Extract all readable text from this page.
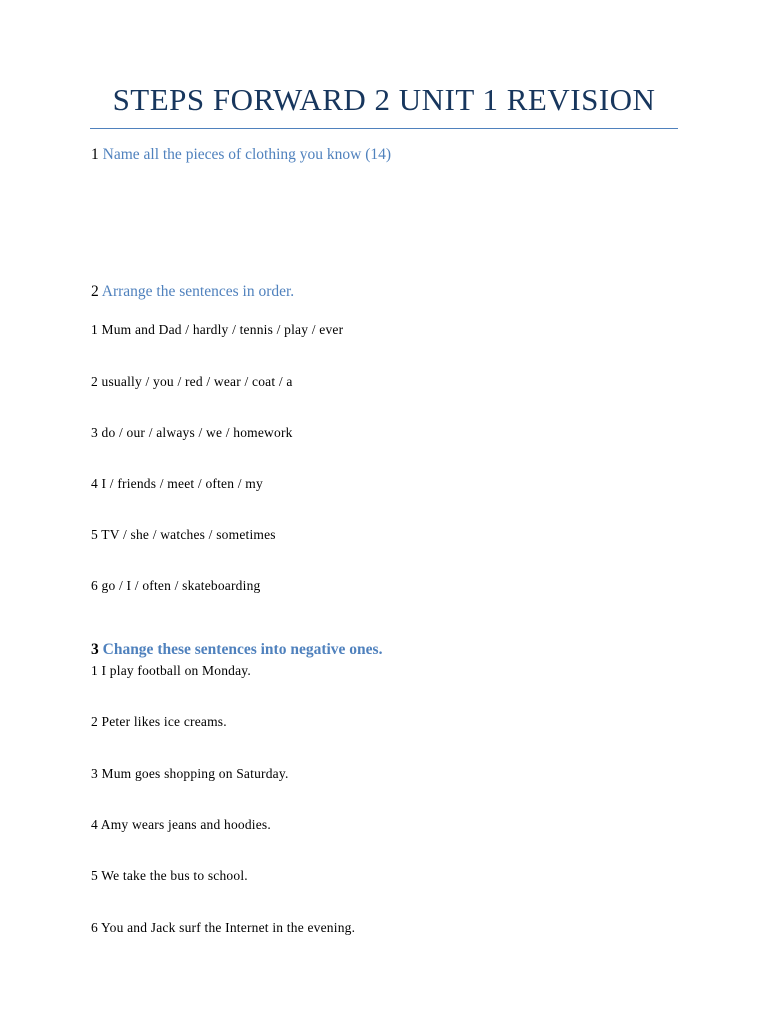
STEPS FORWARD 2 UNIT 1 REVISION
1 Name all the pieces of clothing you know (14)
2 Arrange the sentences in order.
1 Mum and Dad / hardly / tennis / play / ever
2 usually / you / red / wear / coat / a
3 do / our / always / we / homework
4 I / friends / meet / often / my
5 TV / she / watches / sometimes
6 go / I / often / skateboarding
3 Change these sentences into negative ones.
1 I play football on Monday.
2 Peter likes ice creams.
3 Mum goes shopping on Saturday.
4 Amy wears jeans and hoodies.
5 We take the bus to school.
6 You and Jack surf the Internet in the evening.
